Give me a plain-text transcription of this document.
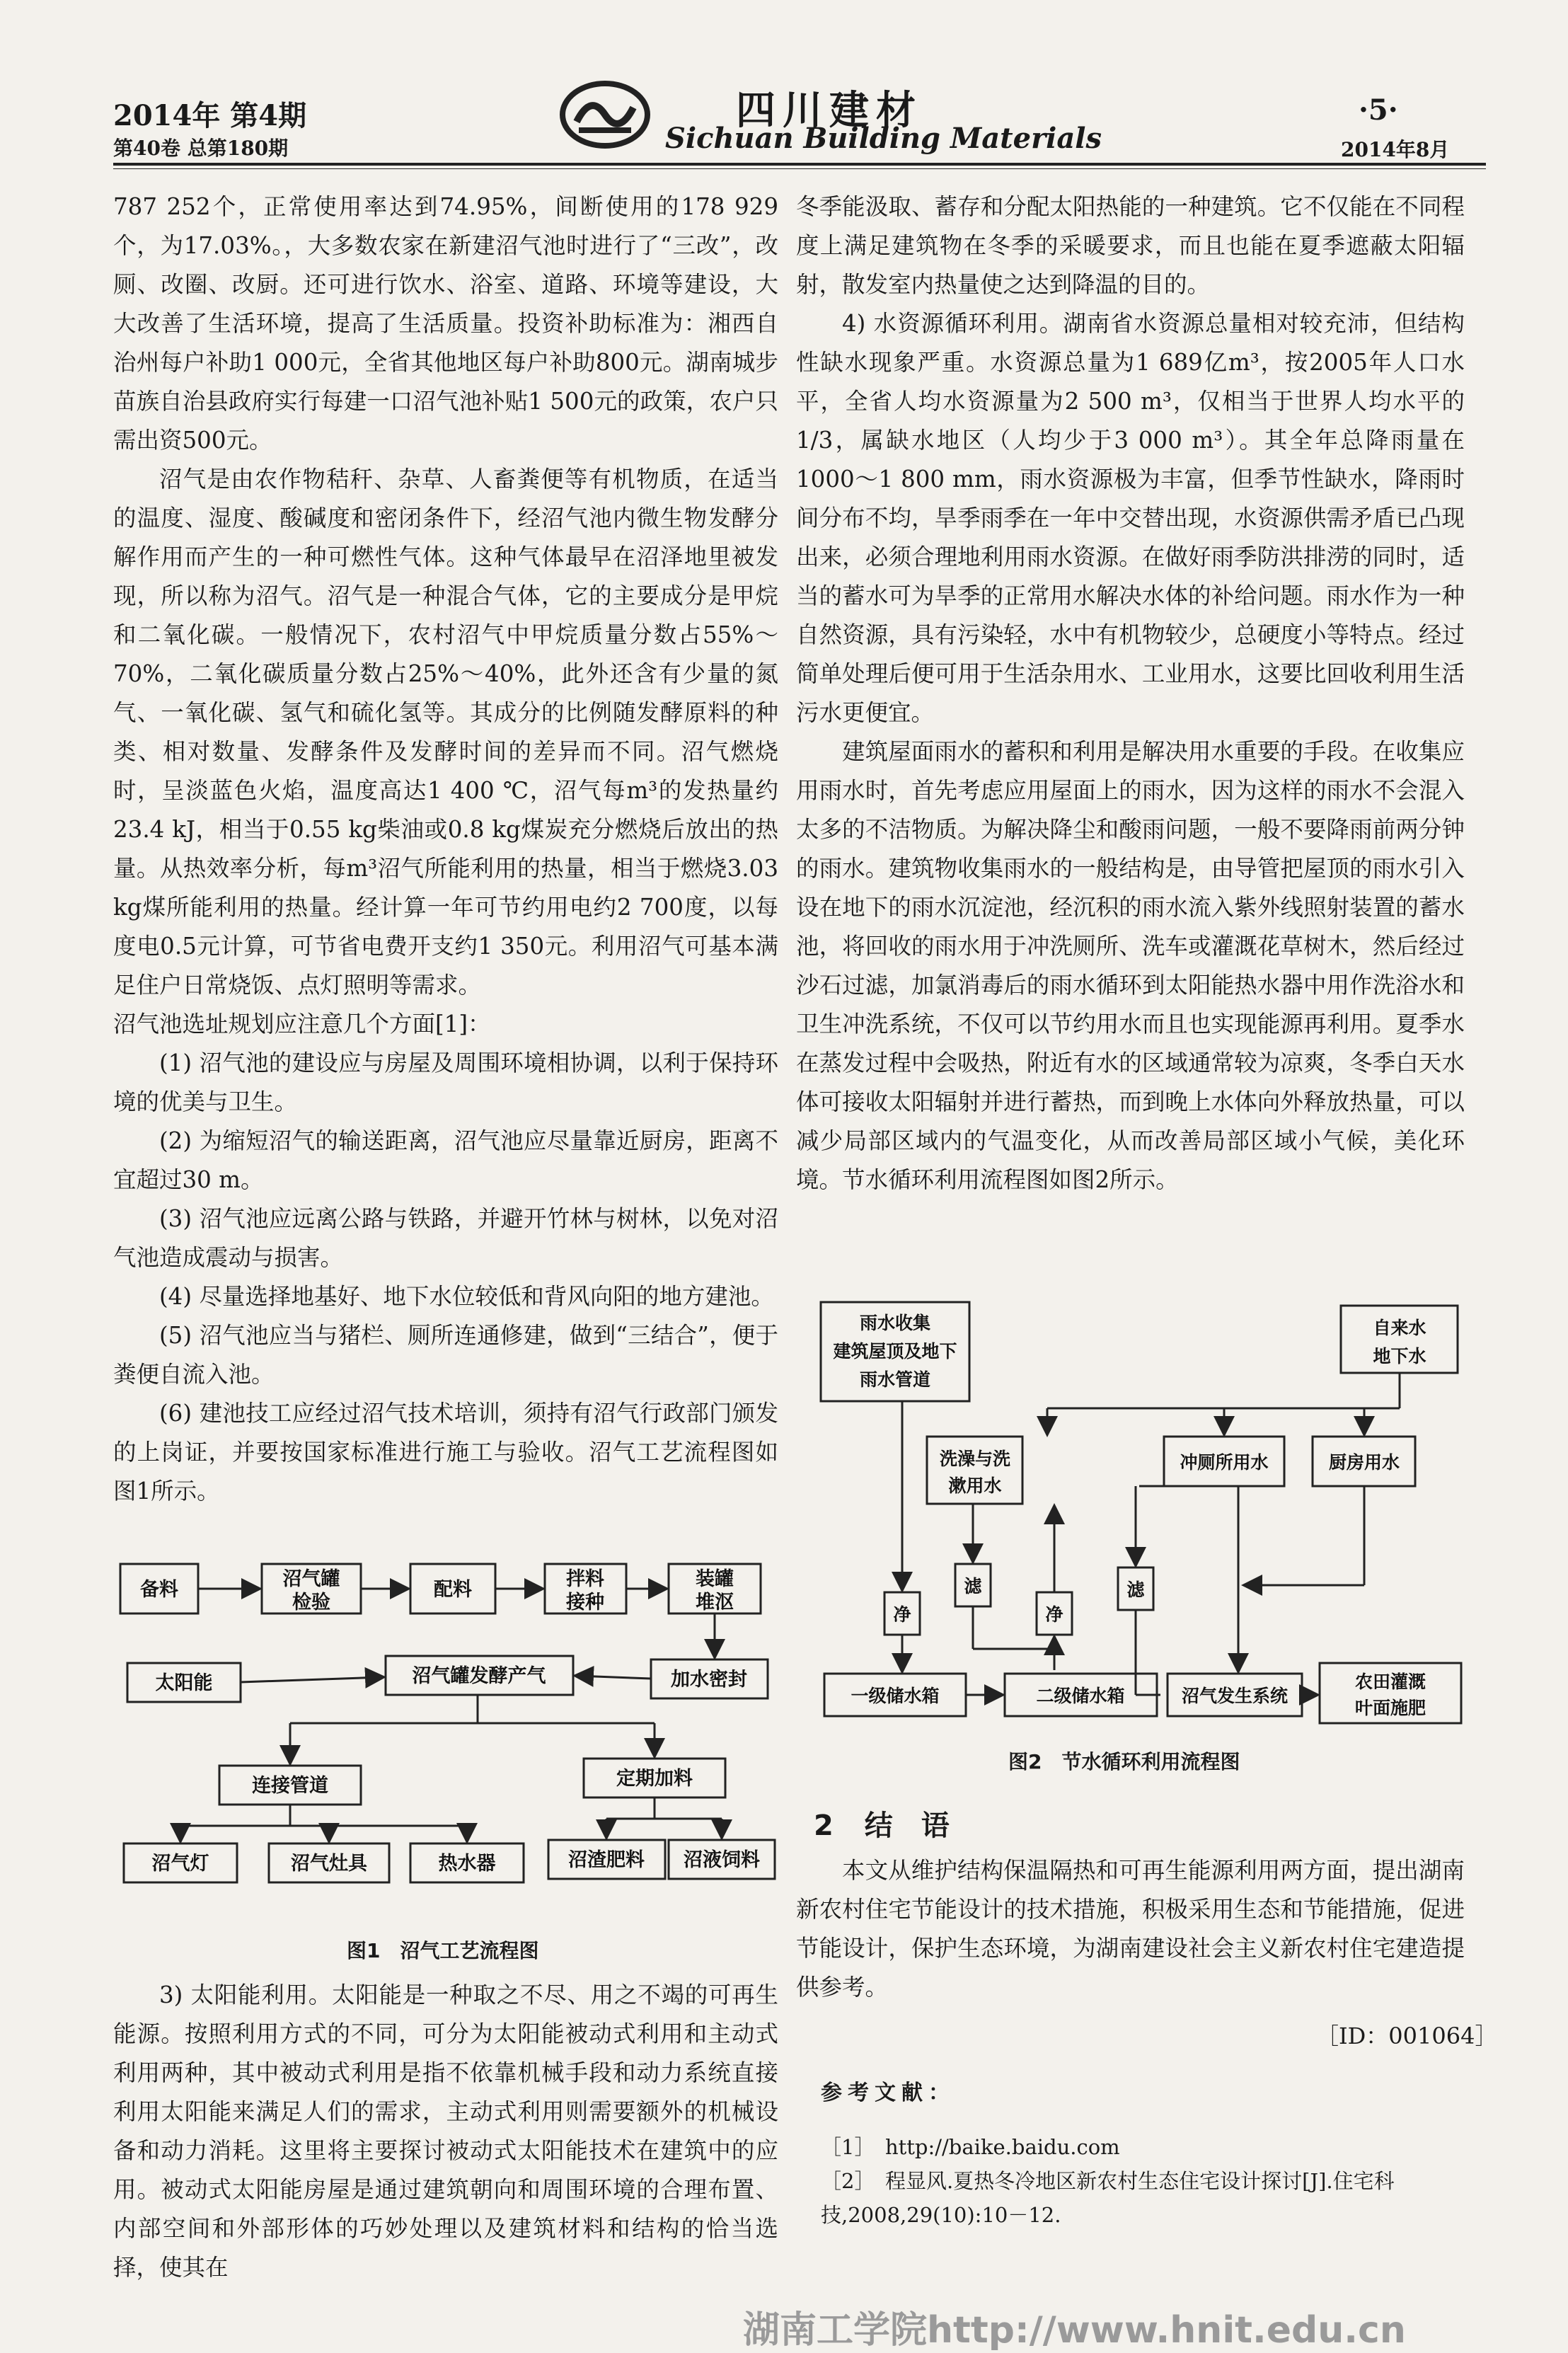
2014年 第4期
第40卷 总第180期
四川建材
Sichuan Building Materials
·5·
2014年8月

787 252个，正常使用率达到74.95%，间断使用的178 929个，为17.03%。，大多数农家在新建沼气池时进行了“三改”，改厕、改圈、改厨。还可进行饮水、浴室、道路、环境等建设，大大改善了生活环境，提高了生活质量。投资补助标准为：湘西自治州每户补助1 000元，全省其他地区每户补助800元。湖南城步苗族自治县政府实行每建一口沼气池补贴1 500元的政策，农户只需出资500元。

沼气是由农作物秸秆、杂草、人畜粪便等有机物质，在适当的温度、湿度、酸碱度和密闭条件下，经沼气池内微生物发酵分解作用而产生的一种可燃性气体。这种气体最早在沼泽地里被发现，所以称为沼气。沼气是一种混合气体，它的主要成分是甲烷和二氧化碳。一般情况下，农村沼气中甲烷质量分数占55%～70%，二氧化碳质量分数占25%～40%，此外还含有少量的氮气、一氧化碳、氢气和硫化氢等。其成分的比例随发酵原料的种类、相对数量、发酵条件及发酵时间的差异而不同。沼气燃烧时，呈淡蓝色火焰，温度高达1 400 ℃，沼气每m³的发热量约23.4 kJ，相当于0.55 kg柴油或0.8 kg煤炭充分燃烧后放出的热量。从热效率分析，每m³沼气所能利用的热量，相当于燃烧3.03 kg煤所能利用的热量。经计算一年可节约用电约2 700度，以每度电0.5元计算，可节省电费开支约1 350元。利用沼气可基本满足住户日常烧饭、点灯照明等需求。

沼气池选址规划应注意几个方面[1]：

(1) 沼气池的建设应与房屋及周围环境相协调，以利于保持环境的优美与卫生。

(2) 为缩短沼气的输送距离，沼气池应尽量靠近厨房，距离不宜超过30 m。

(3) 沼气池应远离公路与铁路，并避开竹林与树林，以免对沼气池造成震动与损害。

(4) 尽量选择地基好、地下水位较低和背风向阳的地方建池。

(5) 沼气池应当与猪栏、厕所连通修建，做到“三结合”，便于粪便自流入池。

(6) 建池技工应经过沼气技术培训，须持有沼气行政部门颁发的上岗证，并要按国家标准进行施工与验收。沼气工艺流程图如图1所示。

备料	沼气罐
检验
配料	拌料
接种
装罐
堆沤
太阳能	沼气罐发酵产气	加水密封
连接管道	定期加料
沼气灯	沼气灶具	热水器	沼渣肥料 沼液饲料
图1　沼气工艺流程图

3) 太阳能利用。太阳能是一种取之不尽、用之不竭的可再生能源。按照利用方式的不同，可分为太阳能被动式利用和主动式利用两种，其中被动式利用是指不依靠机械手段和动力系统直接利用太阳能来满足人们的需求，主动式利用则需要额外的机械设备和动力消耗。这里将主要探讨被动式太阳能技术在建筑中的应用。被动式太阳能房屋是通过建筑朝向和周围环境的合理布置、内部空间和外部形体的巧妙处理以及建筑材料和结构的恰当选择，使其在

冬季能汲取、蓄存和分配太阳热能的一种建筑。它不仅能在不同程度上满足建筑物在冬季的采暖要求，而且也能在夏季遮蔽太阳辐射，散发室内热量使之达到降温的目的。

4) 水资源循环利用。湖南省水资源总量相对较充沛，但结构性缺水现象严重。水资源总量为1 689亿m³，按2005年人口水平，全省人均水资源量为2 500 m³，仅相当于世界人均水平的1/3，属缺水地区（人均少于3 000 m³）。其全年总降雨量在1000～1 800 mm，雨水资源极为丰富，但季节性缺水，降雨时间分布不均，旱季雨季在一年中交替出现，水资源供需矛盾已凸现出来，必须合理地利用雨水资源。在做好雨季防洪排涝的同时，适当的蓄水可为旱季的正常用水解决水体的补给问题。雨水作为一种自然资源，具有污染轻，水中有机物较少，总硬度小等特点。经过简单处理后便可用于生活杂用水、工业用水，这要比回收利用生活污水更便宜。

建筑屋面雨水的蓄积和利用是解决用水重要的手段。在收集应用雨水时，首先考虑应用屋面上的雨水，因为这样的雨水不会混入太多的不洁物质。为解决降尘和酸雨问题，一般不要降雨前两分钟的雨水。建筑物收集雨水的一般结构是，由导管把屋顶的雨水引入设在地下的雨水沉淀池，经沉积的雨水流入紫外线照射装置的蓄水池，将回收的雨水用于冲洗厕所、洗车或灌溉花草树木，然后经过沙石过滤，加氯消毒后的雨水循环到太阳能热水器中用作洗浴水和卫生冲洗系统，不仅可以节约用水而且也实现能源再利用。夏季水在蒸发过程中会吸热，附近有水的区域通常较为凉爽，冬季白天水体可接收太阳辐射并进行蓄热，而到晚上水体向外释放热量，可以减少局部区域内的气温变化，从而改善局部区域小气候，美化环境。节水循环利用流程图如图2所示。

雨水收集
建筑屋顶及地下
雨水管道
自来水
地下水
洗澡与洗
漱用水
冲厕所用水	厨房用水
净
滤
净
滤
一级储水箱	二级储水箱	沼气发生系统
农田灌溉
叶面施肥
图2　节水循环利用流程图
2 结　语

本文从维护结构保温隔热和可再生能源利用两方面，提出湖南新农村住宅节能设计的技术措施，积极采用生态和节能措施，促进节能设计，保护生态环境，为湖南建设社会主义新农村住宅建造提供参考。

［ID：001064］
参考文献：
［1］　http://baike.baidu.com
［2］　程显风.夏热冬冷地区新农村生态住宅设计探讨[J].住宅科技,2008,29(10):10－12.
湖南工学院http://www.hnit.edu.cn
